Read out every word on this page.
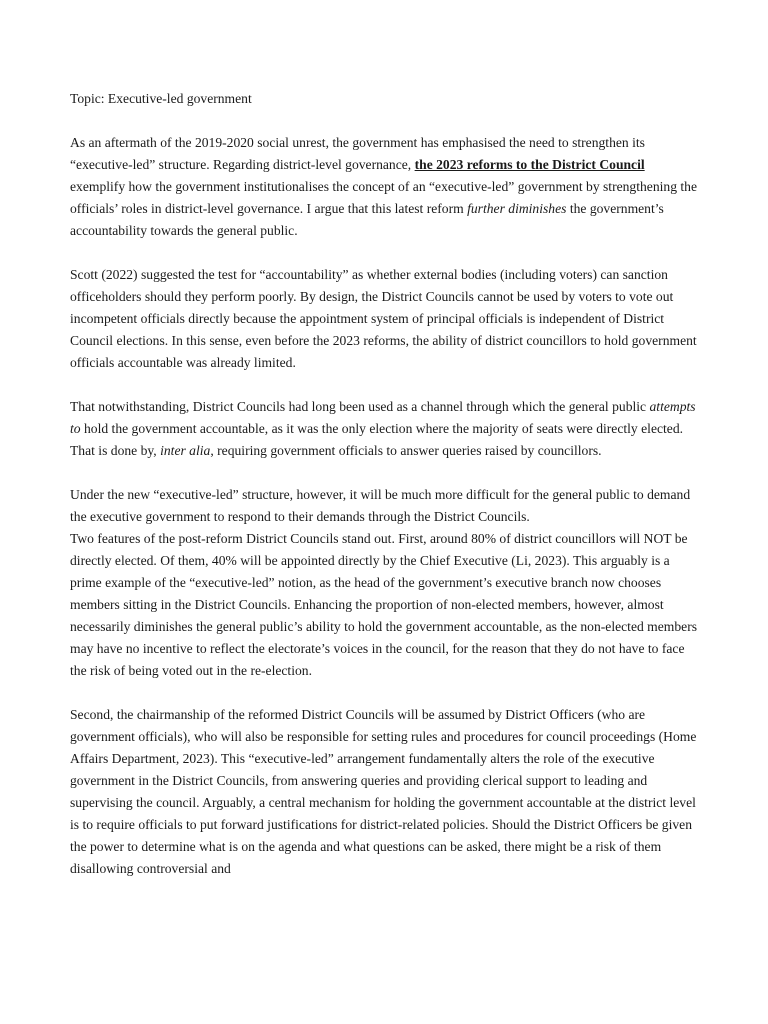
Topic: Executive-led government

As an aftermath of the 2019-2020 social unrest, the government has emphasised the need to strengthen its “executive-led” structure. Regarding district-level governance, the 2023 reforms to the District Council exemplify how the government institutionalises the concept of an “executive-led” government by strengthening the officials’ roles in district-level governance. I argue that this latest reform further diminishes the government’s accountability towards the general public.

Scott (2022) suggested the test for “accountability” as whether external bodies (including voters) can sanction officeholders should they perform poorly. By design, the District Councils cannot be used by voters to vote out incompetent officials directly because the appointment system of principal officials is independent of District Council elections. In this sense, even before the 2023 reforms, the ability of district councillors to hold government officials accountable was already limited.

That notwithstanding, District Councils had long been used as a channel through which the general public attempts to hold the government accountable, as it was the only election where the majority of seats were directly elected. That is done by, inter alia, requiring government officials to answer queries raised by councillors.

Under the new “executive-led” structure, however, it will be much more difficult for the general public to demand the executive government to respond to their demands through the District Councils.
Two features of the post-reform District Councils stand out. First, around 80% of district councillors will NOT be directly elected. Of them, 40% will be appointed directly by the Chief Executive (Li, 2023). This arguably is a prime example of the “executive-led” notion, as the head of the government’s executive branch now chooses members sitting in the District Councils. Enhancing the proportion of non-elected members, however, almost necessarily diminishes the general public’s ability to hold the government accountable, as the non-elected members may have no incentive to reflect the electorate’s voices in the council, for the reason that they do not have to face the risk of being voted out in the re-election.

Second, the chairmanship of the reformed District Councils will be assumed by District Officers (who are government officials), who will also be responsible for setting rules and procedures for council proceedings (Home Affairs Department, 2023). This “executive-led” arrangement fundamentally alters the role of the executive government in the District Councils, from answering queries and providing clerical support to leading and supervising the council. Arguably, a central mechanism for holding the government accountable at the district level is to require officials to put forward justifications for district-related policies. Should the District Officers be given the power to determine what is on the agenda and what questions can be asked, there might be a risk of them disallowing controversial and
